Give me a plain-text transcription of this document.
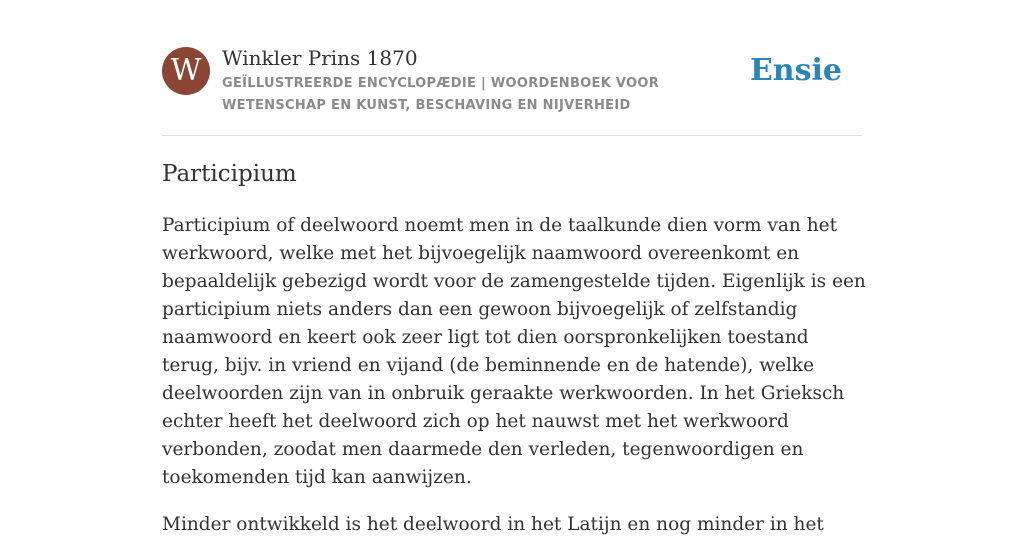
W	Winkler Prins 1870
GEÏLLUSTREERDE ENCYCLOPÆDIE | WOORDENBOEK VOOR WETENSCHAP EN KUNST, BESCHAVING EN NIJVERHEID
Ensie
Participium

Participium of deelwoord noemt men in de taalkunde dien vorm van het werkwoord, welke met het bijvoegelijk naamwoord overeenkomt en bepaaldelijk gebezigd wordt voor de zamengestelde tijden. Eigenlijk is een participium niets anders dan een gewoon bijvoegelijk of zelfstandig naamwoord en keert ook zeer ligt tot dien oorspronkelijken toestand terug, bijv. in vriend en vijand (de beminnende en de hatende), welke deelwoorden zijn van in onbruik geraakte werkwoorden. In het Grieksch echter heeft het deelwoord zich op het nauwst met het werkwoord verbonden, zoodat men daarmede den verleden, tegenwoordigen en toekomenden tijd kan aanwijzen.

Minder ontwikkeld is het deelwoord in het Latijn en nog minder in het
